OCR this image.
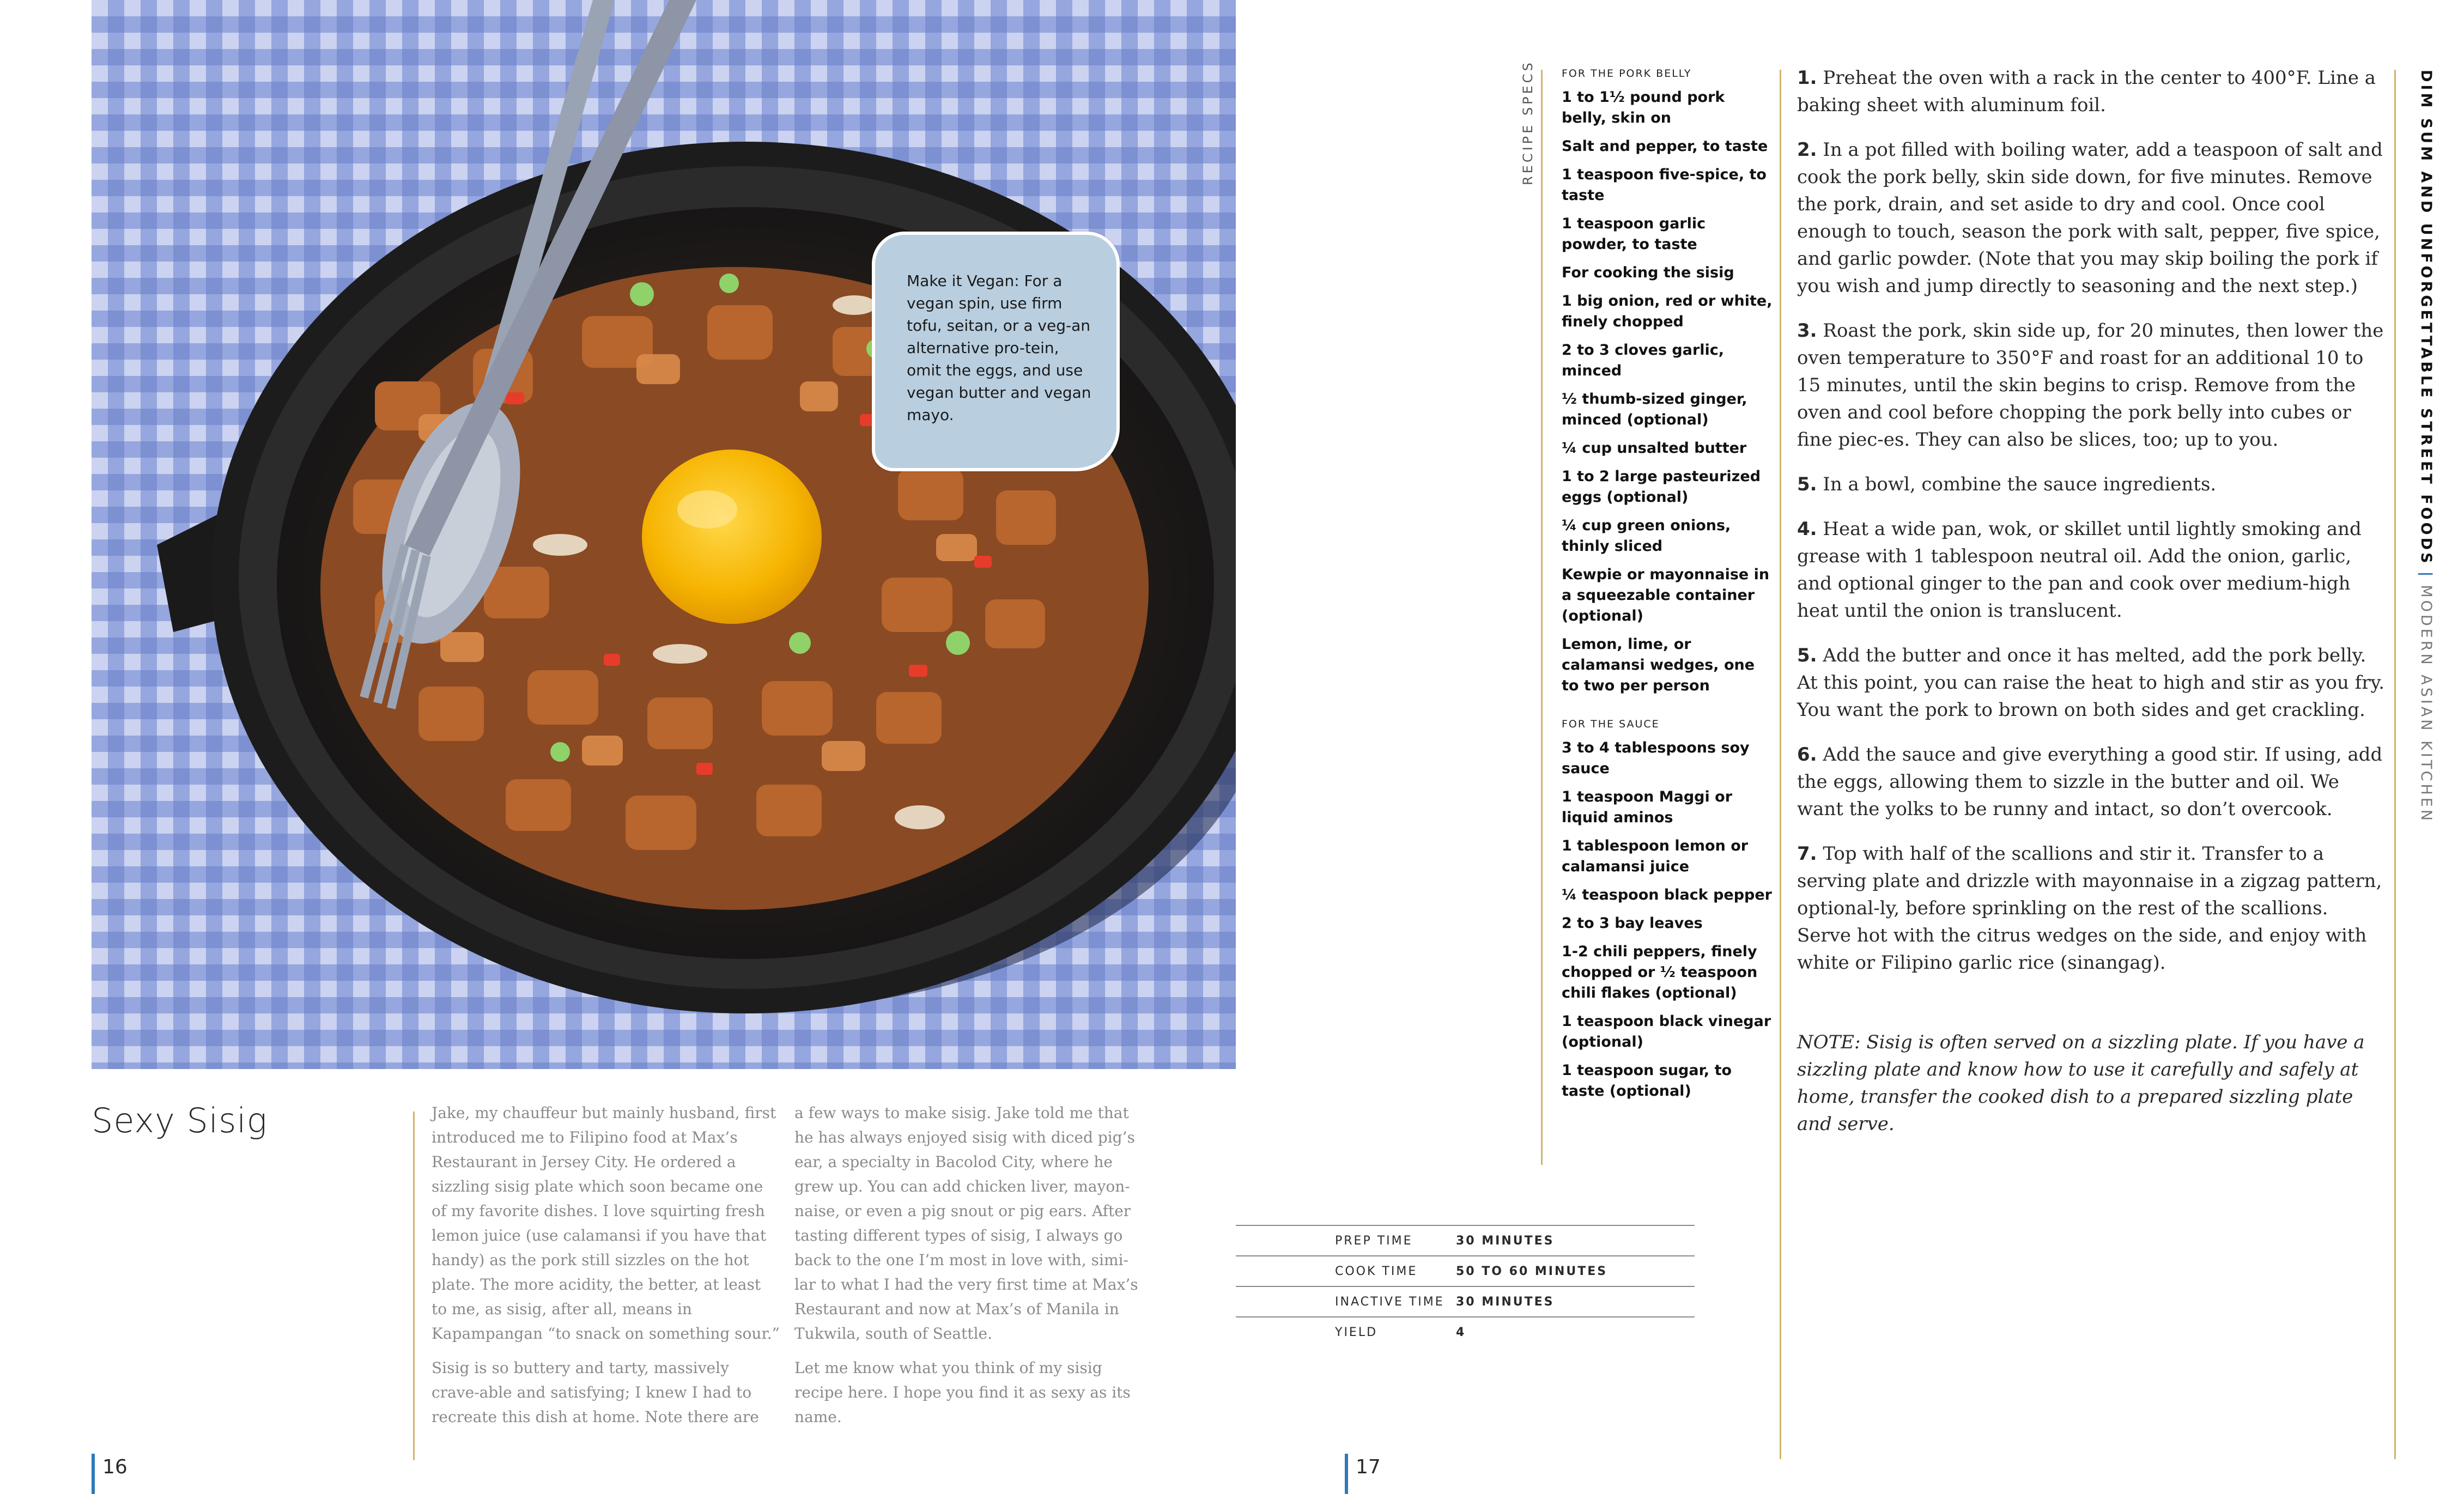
Make it Vegan: For a vegan spin, use firm tofu, seitan, or a veg-an alternative pro-tein, omit the eggs, and use vegan butter and vegan mayo.
Sexy Sisig	Jake, my chauffeur but mainly husband, first introduced me to Filipino food at Max’s Restaurant in Jersey City. He ordered a sizzling sisig plate which soon became one of my favorite dishes. I love squirting fresh lemon juice (use calamansi if you have that handy) as the pork still sizzles on the hot plate. The more acidity, the better, at least to me, as sisig, after all, means in Kapampangan “to snack on something sour.”

Sisig is so buttery and tarty, massively crave-able and satisfying; I knew I had to recreate this dish at home. Note there are

a few ways to make sisig. Jake told me that he has always enjoyed sisig with diced pig’s ear, a specialty in Bacolod City, where he grew up. You can add chicken liver, mayon-naise, or even a pig snout or pig ears. After tasting different types of sisig, I always go back to the one I’m most in love with, simi-lar to what I had the very first time at Max’s Restaurant and now at Max’s of Manila in Tukwila, south of Seattle.

Let me know what you think of my sisig recipe here. I hope you find it as sexy as its name.

16	17
PREP TIME	30 MINUTES
COOK TIME	50 TO 60 MINUTES
INACTIVE TIME 30 MINUTES
YIELD	4
RECIPE SPECS	FOR THE PORK BELLY
1 to 1½ pound pork belly, skin on
Salt and pepper, to taste
1 teaspoon five-spice, to taste
1 teaspoon garlic powder, to taste
For cooking the sisig
1 big onion, red or white, finely chopped
2 to 3 cloves garlic, minced
½ thumb-sized ginger, minced (optional)
¼ cup unsalted butter
1 to 2 large pasteurized eggs (optional)
¼ cup green onions, thinly sliced
Kewpie or mayonnaise in a squeezable container (optional)
Lemon, lime, or calamansi wedges, one to two per person
FOR THE SAUCE
3 to 4 tablespoons soy sauce
1 teaspoon Maggi or liquid aminos
1 tablespoon lemon or calamansi juice
¼ teaspoon black pepper
2 to 3 bay leaves
1-2 chili peppers, finely chopped or ½ teaspoon chili flakes (optional)
1 teaspoon black vinegar (optional)
1 teaspoon sugar, to taste (optional)

1. Preheat the oven with a rack in the center to 400°F. Line a baking sheet with aluminum foil.

2. In a pot filled with boiling water, add a teaspoon of salt and cook the pork belly, skin side down, for five minutes. Remove the pork, drain, and set aside to dry and cool. Once cool enough to touch, season the pork with salt, pepper, five spice, and garlic powder. (Note that you may skip boiling the pork if you wish and jump directly to seasoning and the next step.)

3. Roast the pork, skin side up, for 20 minutes, then lower the oven temperature to 350°F and roast for an additional 10 to 15 minutes, until the skin begins to crisp. Remove from the oven and cool before chopping the pork belly into cubes or fine piec-es. They can also be slices, too; up to you.

5. In a bowl, combine the sauce ingredients.

4. Heat a wide pan, wok, or skillet until lightly smoking and grease with 1 tablespoon neutral oil. Add the onion, garlic, and optional ginger to the pan and cook over medium-high heat until the onion is translucent.

5. Add the butter and once it has melted, add the pork belly. At this point, you can raise the heat to high and stir as you fry. You want the pork to brown on both sides and get crackling.

6. Add the sauce and give everything a good stir. If using, add the eggs, allowing them to sizzle in the butter and oil. We want the yolks to be runny and intact, so don’t overcook.

7. Top with half of the scallions and stir it. Transfer to a serving plate and drizzle with mayonnaise in a zigzag pattern, optional-ly, before sprinkling on the rest of the scallions. Serve hot with the citrus wedges on the side, and enjoy with white or Filipino garlic rice (sinangag).

NOTE: Sisig is often served on a sizzling plate. If you have a sizzling plate and know how to use it carefully and safely at home, transfer the cooked dish to a prepared sizzling plate and serve.

DIM SUM AND UNFORGETTABLE STREET FOODS|MODERN ASIAN KITCHEN
